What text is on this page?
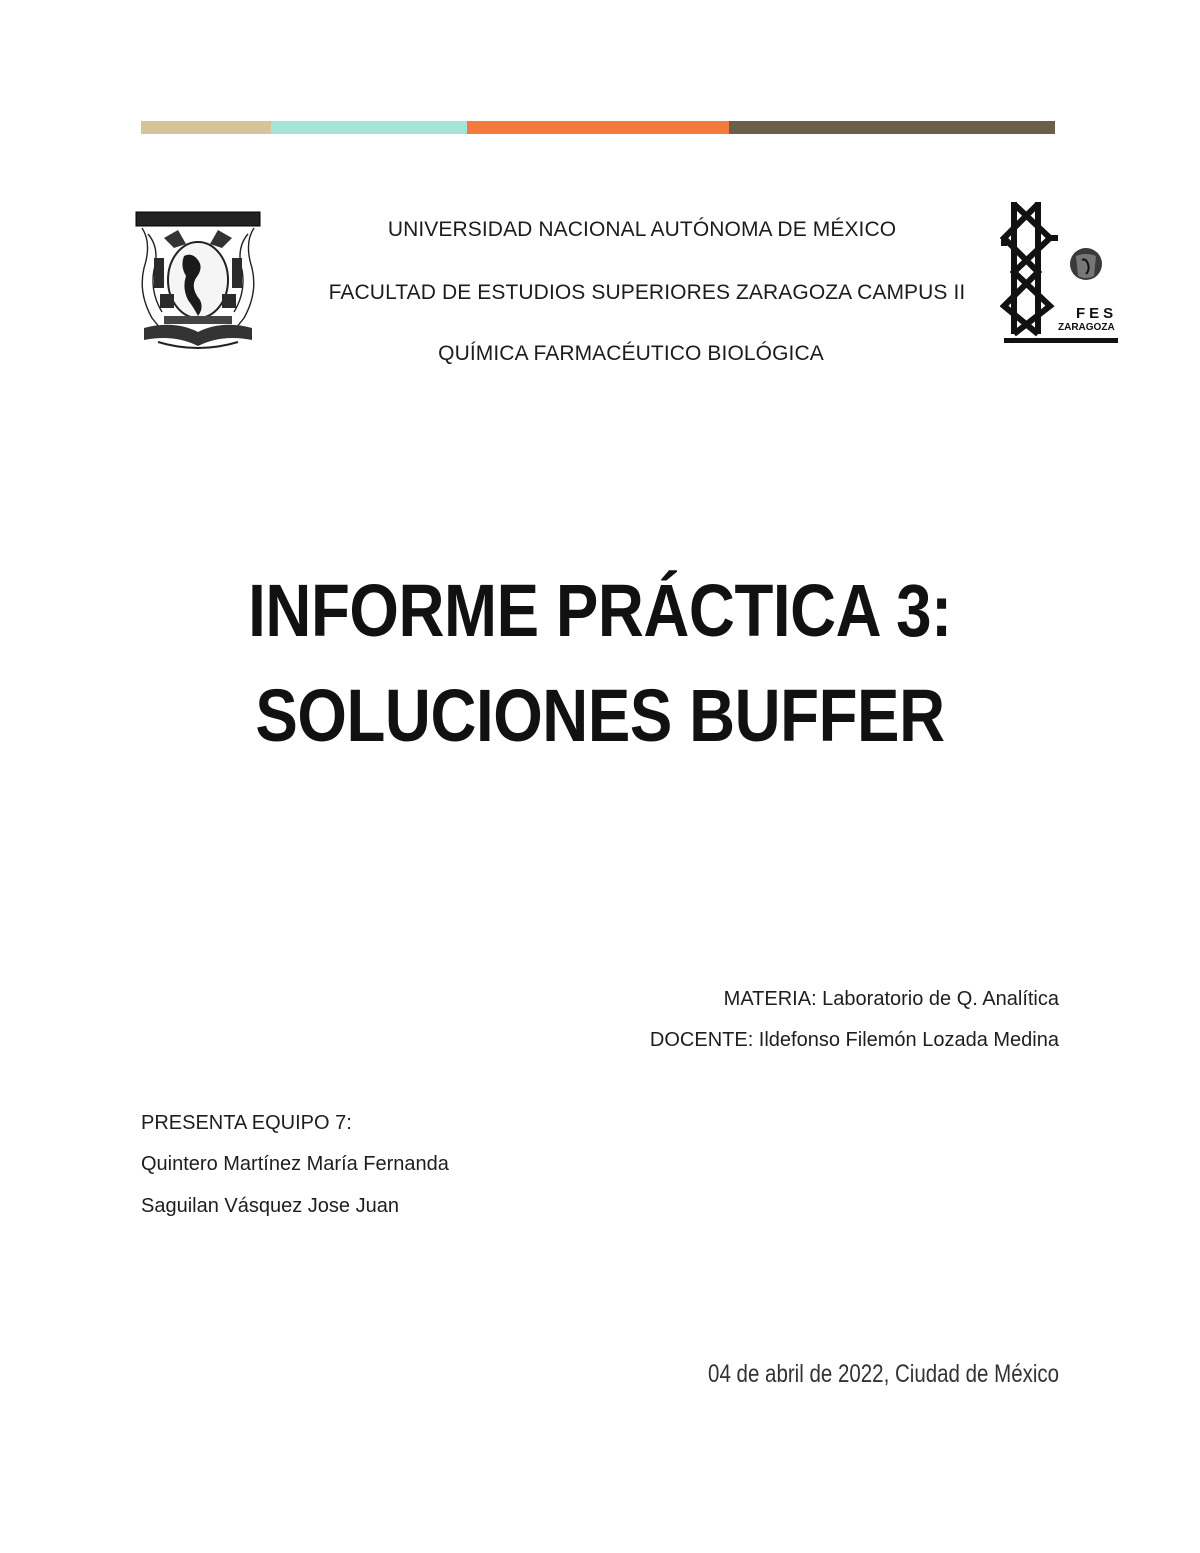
FES
ZARAGOZA
UNIVERSIDAD NACIONAL AUTÓNOMA DE MÉXICO
FACULTAD DE ESTUDIOS SUPERIORES ZARAGOZA CAMPUS II
QUÍMICA FARMACÉUTICO BIOLÓGICA
INFORME PRÁCTICA 3:
SOLUCIONES BUFFER
MATERIA: Laboratorio de Q. Analítica
DOCENTE: Ildefonso Filemón Lozada Medina
PRESENTA EQUIPO 7:
Quintero Martínez María Fernanda
Saguilan Vásquez Jose Juan
04 de abril de 2022, Ciudad de México
